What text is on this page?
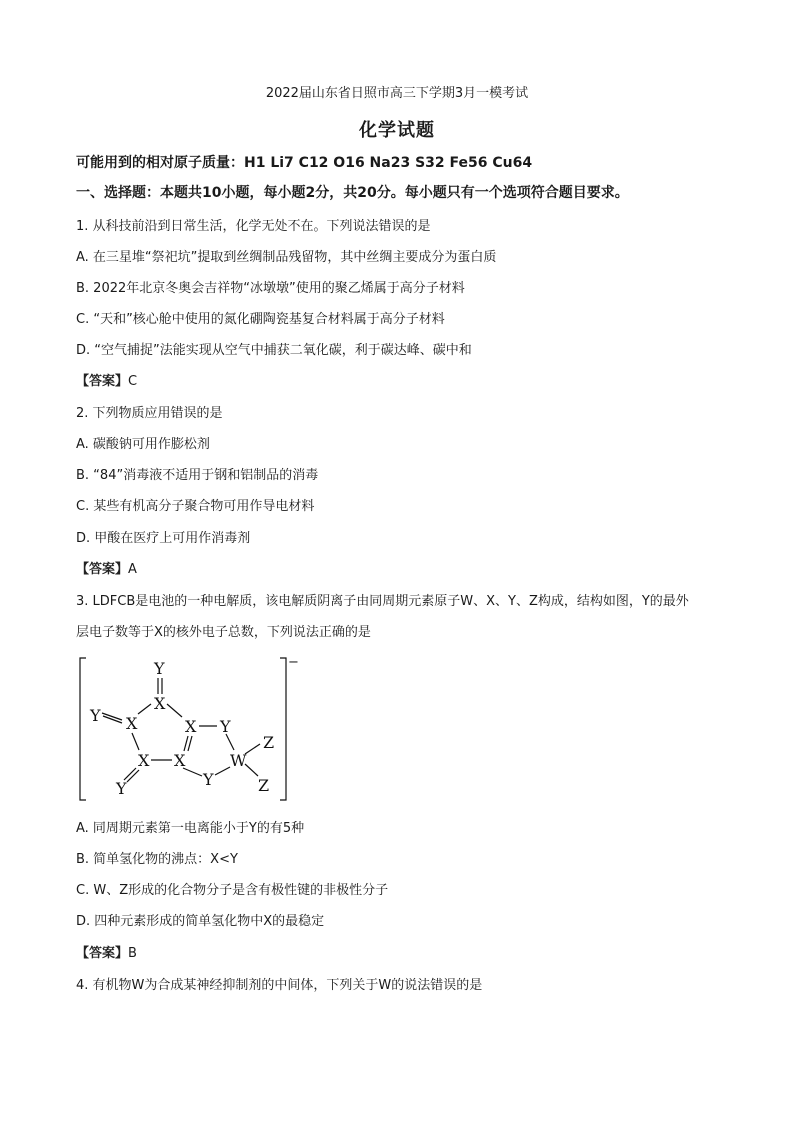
2022届山东省日照市高三下学期3月一模考试
化学试题
可能用到的相对原子质量：H1 Li7 C12 O16 Na23 S32 Fe56 Cu64
一、选择题：本题共10小题，每小题2分，共20分。每小题只有一个选项符合题目要求。
1. 从科技前沿到日常生活，化学无处不在。下列说法错误的是
A. 在三星堆“祭祀坑”提取到丝绸制品残留物，其中丝绸主要成分为蛋白质
B. 2022年北京冬奥会吉祥物“冰墩墩”使用的聚乙烯属于高分子材料
C. “天和”核心舱中使用的氮化硼陶瓷基复合材料属于高分子材料
D. “空气捕捉”法能实现从空气中捕获二氧化碳，利于碳达峰、碳中和
【答案】C
2. 下列物质应用错误的是
A. 碳酸钠可用作膨松剂
B. “84”消毒液不适用于钢和铝制品的消毒
C. 某些有机高分子聚合物可用作导电材料
D. 甲酸在医疗上可用作消毒剂
【答案】A
3. LDFCB是电池的一种电解质，该电解质阴离子由同周期元素原子W、X、Y、Z构成，结构如图，Y的最外
层电子数等于X的核外电子总数，下列说法正确的是
−
Y
X
Y X	X Y
X X
Y
W
Z
Z
Y
A. 同周期元素第一电离能小于Y的有5种
B. 简单氢化物的沸点：X<Y
C. W、Z形成的化合物分子是含有极性键的非极性分子
D. 四种元素形成的简单氢化物中X的最稳定
【答案】B
4. 有机物W为合成某神经抑制剂的中间体，下列关于W的说法错误的是
